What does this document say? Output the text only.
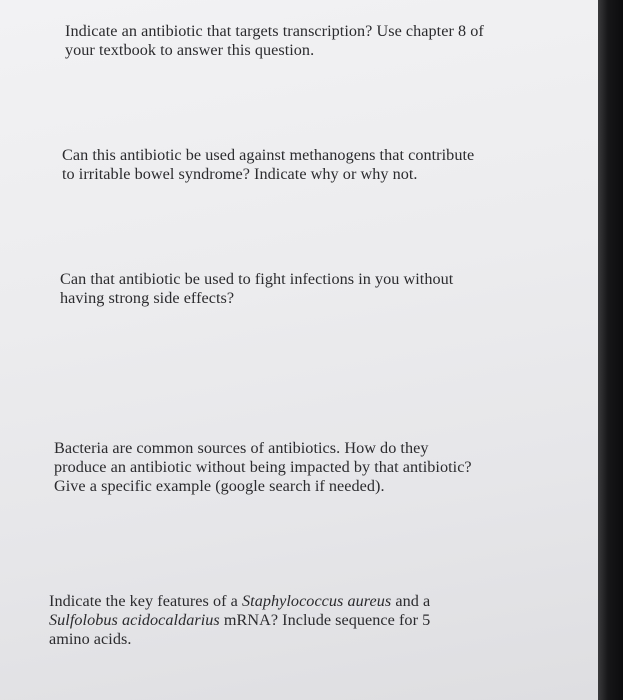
Indicate an antibiotic that targets transcription? Use chapter 8 of
your textbook to answer this question.

Can this antibiotic be used against methanogens that contribute
to irritable bowel syndrome? Indicate why or why not.

Can that antibiotic be used to fight infections in you without
having strong side effects?

Bacteria are common sources of antibiotics. How do they
produce an antibiotic without being impacted by that antibiotic?
Give a specific example (google search if needed).

Indicate the key features of a Staphylococcus aureus and a
Sulfolobus acidocaldarius mRNA? Include sequence for 5
amino acids.
